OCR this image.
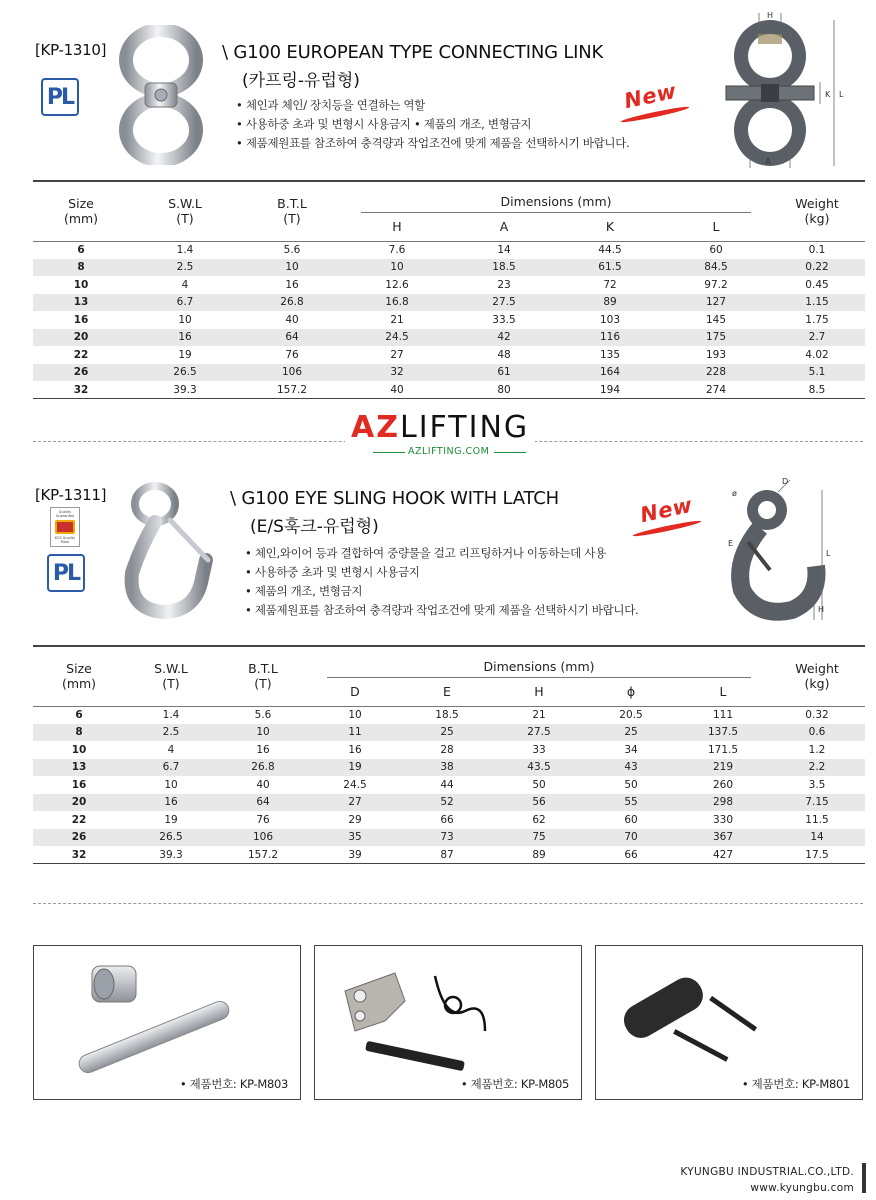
[KP-1310]
PL
\ G100 EUROPEAN TYPE CONNECTING LINK
(카프링-유럽형)
• 체인과 체인/ 장치등을 연결하는 역할
• 사용하중 초과 및 변형시 사용금지 • 제품의 개조, 변형금지
• 제품제원표를 참조하여 충격량과 작업조건에 맞게 제품을 선택하시기 바랍니다.
New
H
K L
A
Size
(mm)	S.W.L
(T)	B.T.L
(T)	Dimensions (mm)				Weight
(kg)
			H	A	K	L	
6	1.4	5.6	7.6	14	44.5	60	0.1
8	2.5	10	10	18.5	61.5	84.5	0.22
10	4	16	12.6	23	72	97.2	0.45
13	6.7	26.8	16.8	27.5	89	127	1.15
16	10	40	21	33.5	103	145	1.75
20	16	64	24.5	42	116	175	2.7
22	19	76	27	48	135	193	4.02
26	26.5	106	32	61	164	228	5.1
32	39.3	157.2	40	80	194	274	8.5
AZLIFTING
AZLIFTING.COM
[KP-1311]
Quality Guarantee
KCS Quality Mark
PL
\ G100 EYE SLING HOOK WITH LATCH
(E/S훅크-유럽형)
• 체인,와이어 등과 결합하여 중량물을 걸고 리프팅하거나 이동하는데 사용
• 사용하중 초과 및 변형시 사용금지
• 제품의 개조, 변형금지
• 제품제원표를 참조하여 충격량과 작업조건에 맞게 제품을 선택하시기 바랍니다.
New
D
ø
E
L
H
Size
(mm)	S.W.L
(T)	B.T.L
(T)	Dimensions (mm)					Weight
(kg)
			D	E	H	ϕ	L	
6	1.4	5.6	10	18.5	21	20.5	111	0.32
8	2.5	10	11	25	27.5	25	137.5	0.6
10	4	16	16	28	33	34	171.5	1.2
13	6.7	26.8	19	38	43.5	43	219	2.2
16	10	40	24.5	44	50	50	260	3.5
20	16	64	27	52	56	55	298	7.15
22	19	76	29	66	62	60	330	11.5
26	26.5	106	35	73	75	70	367	14
32	39.3	157.2	39	87	89	66	427	17.5
• 제품번호: KP-M803	• 제품번호: KP-M805	• 제품번호: KP-M801
KYUNGBU INDUSTRIAL.CO.,LTD.
www.kyungbu.com
